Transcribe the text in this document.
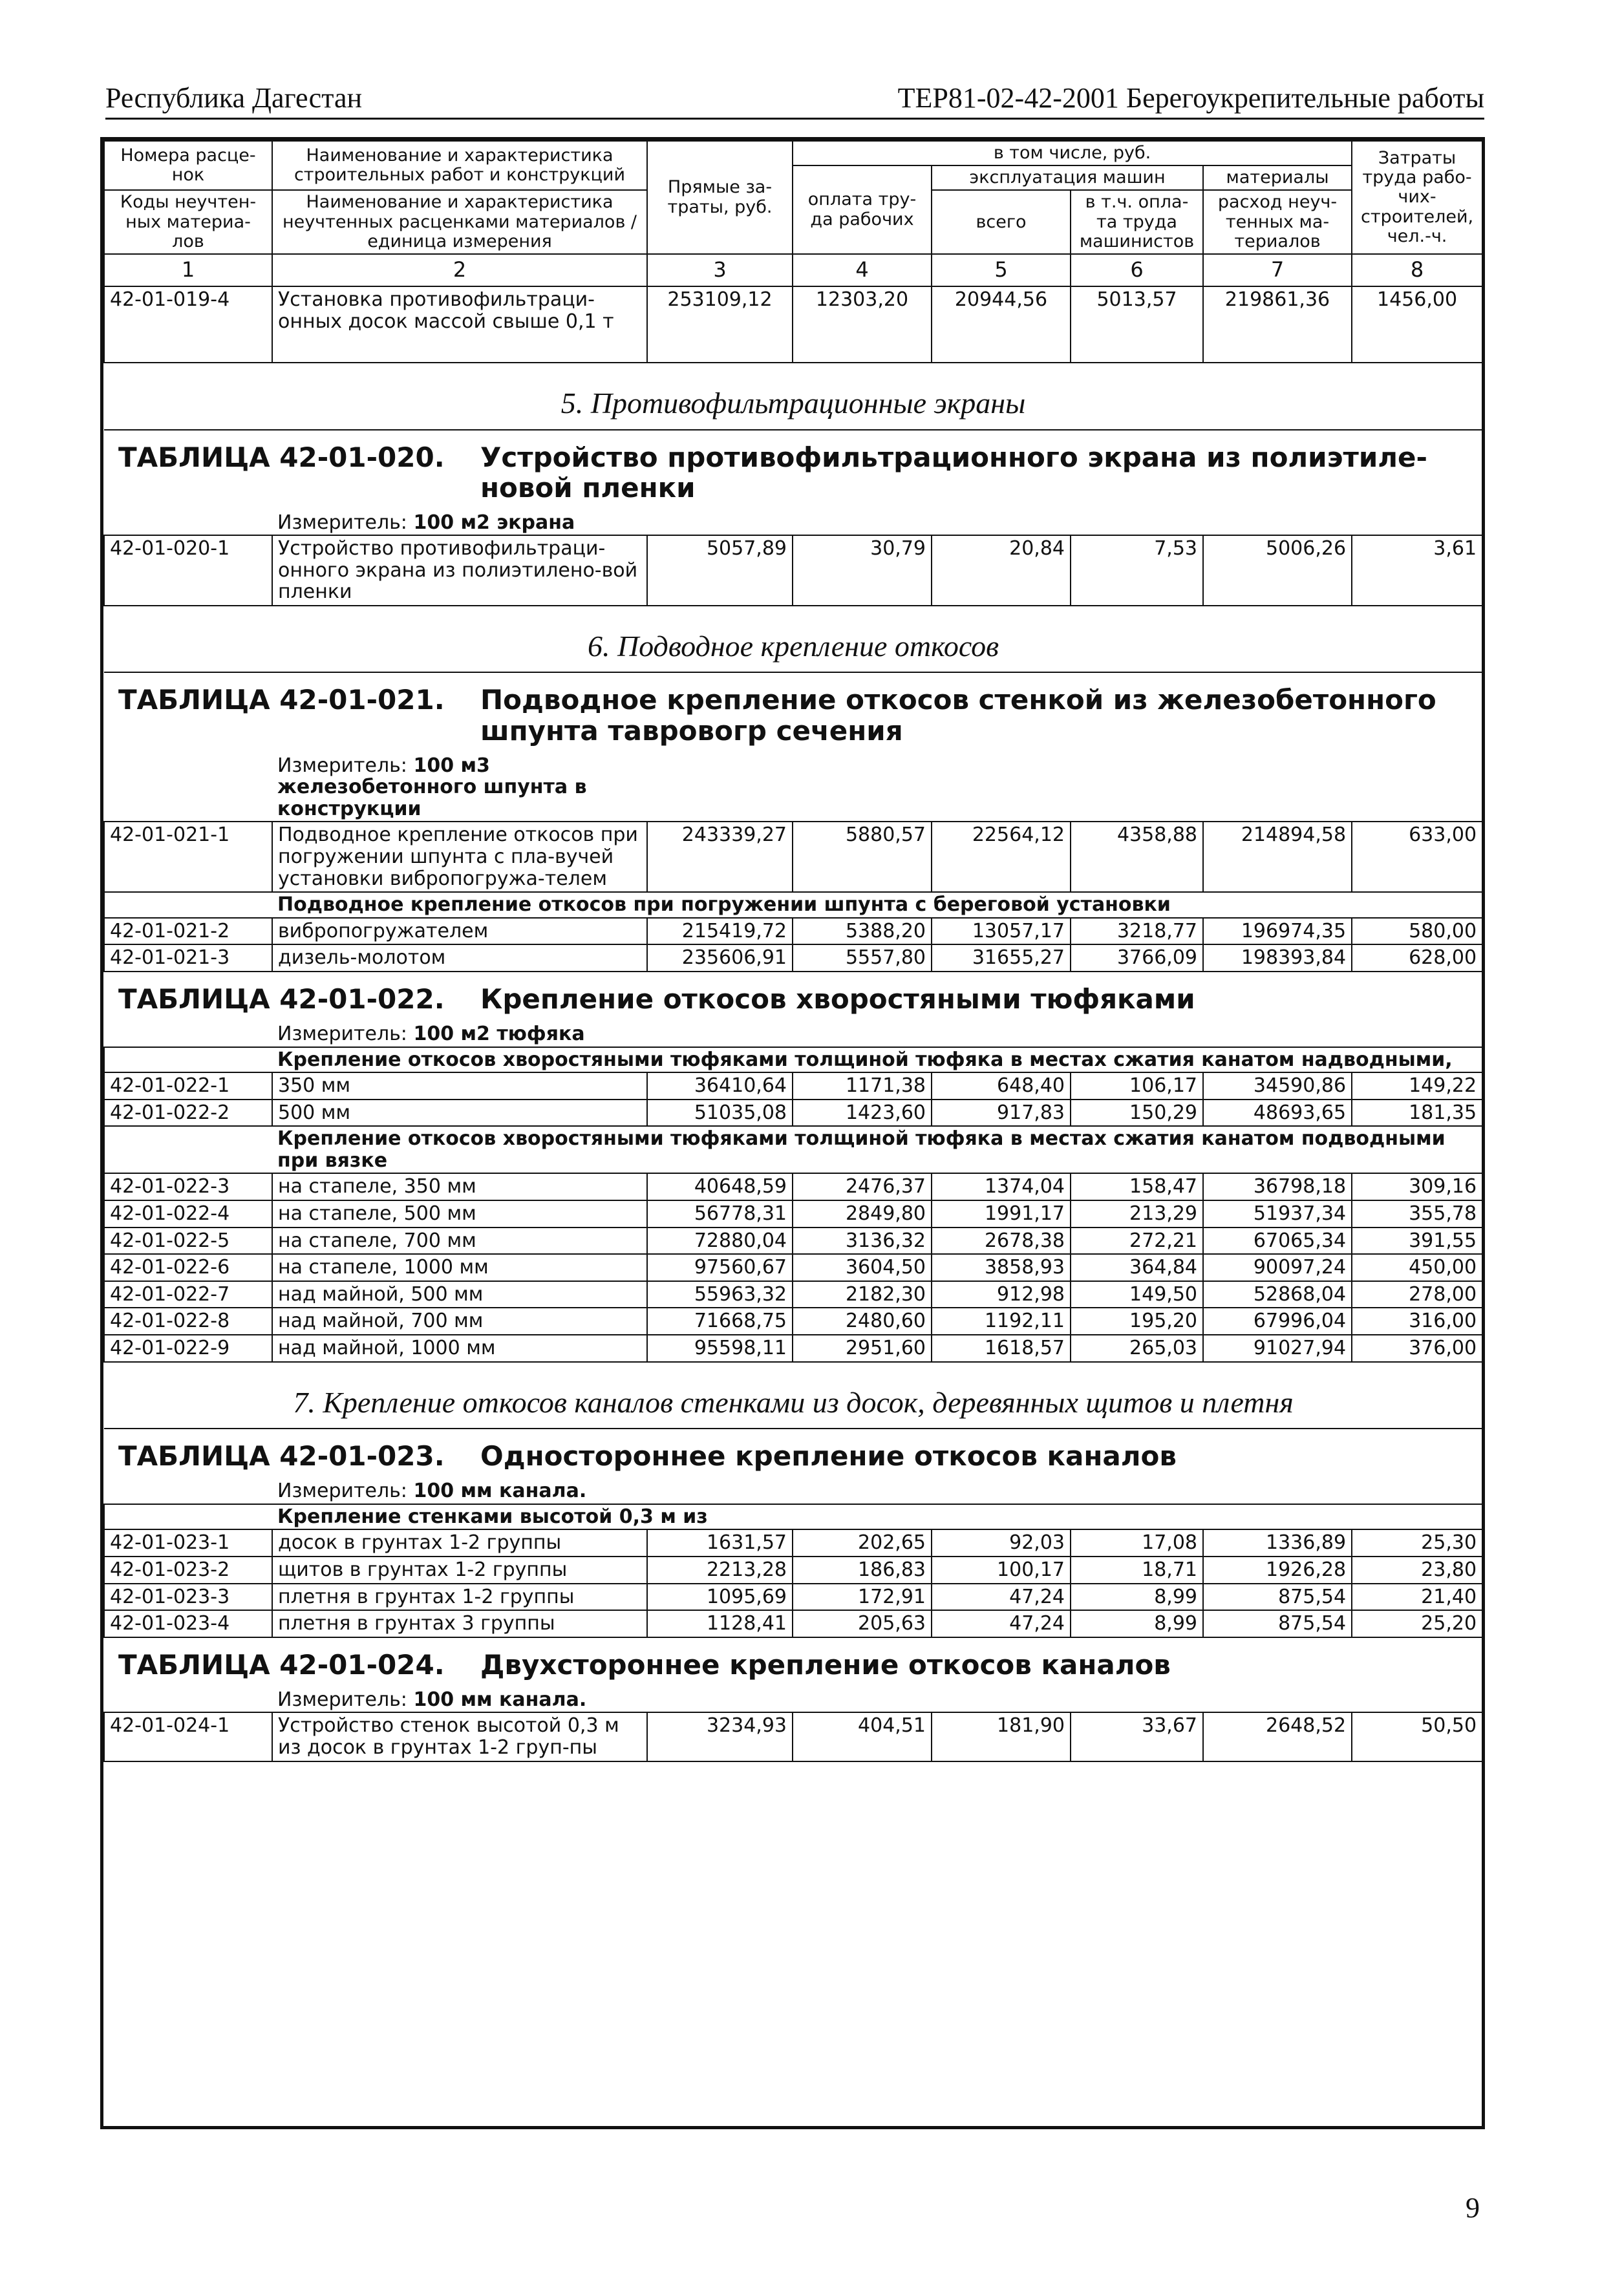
Республика Дагестан	ТЕР81-02-42-2001 Берегоукрепительные работы
Номера расце-нок	Наименование и характеристика строительных работ и конструкций	Прямые за-траты, руб.	в том числе, руб.				Затраты труда рабо-чих-строителей, чел.-ч.
			оплата тру-да рабочих	эксплуатация машин		материалы	
Коды неучтен-ных материа-лов	Наименование и характеристика неучтенных расценками материалов / единица измерения			всего	в т.ч. опла-та труда машинистов	расход неуч-тенных ма-териалов	

1	2	3	4	5	6	7	8
42-01-019-4	Установка противофильтраци-онных досок массой свыше 0,1 т	253109,12	12303,20	20944,56	5013,57	219861,36	1456,00
5. Противофильтрационные экраны							
ТАБЛИЦА 42-01-020. Устройство противофильтрационного экрана из полиэтиле-новой пленки							
Измеритель: 100 м2 экрана							
42-01-020-1	Устройство противофильтраци-онного экрана из полиэтилено-вой пленки	5057,89	30,79	20,84	7,53	5006,26	3,61
6. Подводное крепление откосов							
ТАБЛИЦА 42-01-021. Подводное крепление откосов стенкой из железобетонного шпунта тавровогр сечения							
Измеритель: 100 м3 железобетонного шпунта в конструкции							
42-01-021-1	Подводное крепление откосов при погружении шпунта с пла-вучей установки вибропогружа-телем	243339,27	5880,57	22564,12	4358,88	214894,58	633,00
	Подводное крепление откосов при погружении шпунта с береговой установки						
42-01-021-2	вибропогружателем	215419,72	5388,20	13057,17	3218,77	196974,35	580,00
42-01-021-3	дизель-молотом	235606,91	5557,80	31655,27	3766,09	198393,84	628,00
ТАБЛИЦА 42-01-022. Крепление откосов хворостяными тюфяками							
Измеритель: 100 м2 тюфяка							
	Крепление откосов хворостяными тюфяками толщиной тюфяка в местах сжатия канатом надводными,						
42-01-022-1	350 мм	36410,64	1171,38	648,40	106,17	34590,86	149,22
42-01-022-2	500 мм	51035,08	1423,60	917,83	150,29	48693,65	181,35
	Крепление откосов хворостяными тюфяками толщиной тюфяка в местах сжатия канатом подводными при вязке						
42-01-022-3	на стапеле, 350 мм	40648,59	2476,37	1374,04	158,47	36798,18	309,16
42-01-022-4	на стапеле, 500 мм	56778,31	2849,80	1991,17	213,29	51937,34	355,78
42-01-022-5	на стапеле, 700 мм	72880,04	3136,32	2678,38	272,21	67065,34	391,55
42-01-022-6	на стапеле, 1000 мм	97560,67	3604,50	3858,93	364,84	90097,24	450,00
42-01-022-7	над майной, 500 мм	55963,32	2182,30	912,98	149,50	52868,04	278,00
42-01-022-8	над майной, 700 мм	71668,75	2480,60	1192,11	195,20	67996,04	316,00
42-01-022-9	над майной, 1000 мм	95598,11	2951,60	1618,57	265,03	91027,94	376,00
7. Крепление откосов каналов стенками из досок, деревянных щитов и плетня							
ТАБЛИЦА 42-01-023. Одностороннее крепление откосов каналов							
Измеритель: 100 мм канала.							
	Крепление стенками высотой 0,3 м из						
42-01-023-1	досок в грунтах 1-2 группы	1631,57	202,65	92,03	17,08	1336,89	25,30
42-01-023-2	щитов в грунтах 1-2 группы	2213,28	186,83	100,17	18,71	1926,28	23,80
42-01-023-3	плетня в грунтах 1-2 группы	1095,69	172,91	47,24	8,99	875,54	21,40
42-01-023-4	плетня в грунтах 3 группы	1128,41	205,63	47,24	8,99	875,54	25,20
ТАБЛИЦА 42-01-024. Двухстороннее крепление откосов каналов							
Измеритель: 100 мм канала.							
42-01-024-1	Устройство стенок высотой 0,3 м из досок в грунтах 1-2 груп-пы	3234,93	404,51	181,90	33,67	2648,52	50,50
9
